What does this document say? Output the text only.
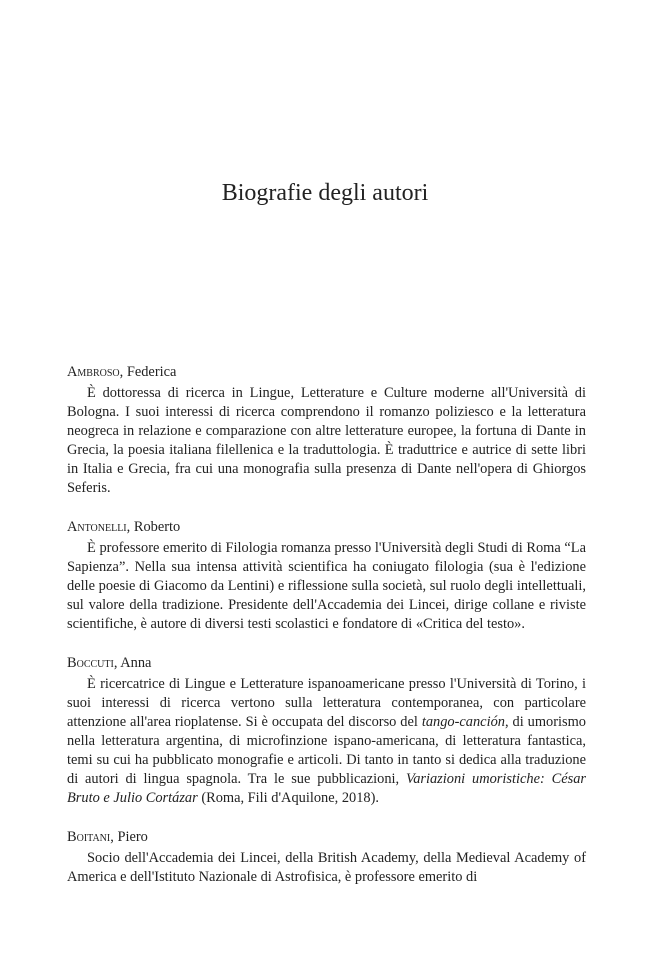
Biografie degli autori
Ambroso, Federica

È dottoressa di ricerca in Lingue, Letterature e Culture moderne all'Università di Bologna. I suoi interessi di ricerca comprendono il romanzo poliziesco e la letteratura neogreca in relazione e comparazione con altre letterature europee, la fortuna di Dante in Grecia, la poesia italiana filellenica e la traduttologia. È traduttrice e autrice di sette libri in Italia e Grecia, fra cui una monografia sulla presenza di Dante nell'opera di Ghiorgos Seferis.

Antonelli, Roberto

È professore emerito di Filologia romanza presso l'Università degli Studi di Roma “La Sapienza”. Nella sua intensa attività scientifica ha coniugato filologia (sua è l'edizione delle poesie di Giacomo da Lentini) e riflessione sulla società, sul ruolo degli intellettuali, sul valore della tradizione. Presidente dell'Accademia dei Lincei, dirige collane e riviste scientifiche, è autore di diversi testi scolastici e fondatore di «Critica del testo».

Boccuti, Anna

È ricercatrice di Lingue e Letterature ispanoamericane presso l'Università di Torino, i suoi interessi di ricerca vertono sulla letteratura contemporanea, con particolare attenzione all'area rioplatense. Si è occupata del discorso del tango-canción, di umorismo nella letteratura argentina, di microfinzione ispano-americana, di letteratura fantastica, temi su cui ha pubblicato monografie e articoli. Di tanto in tanto si dedica alla traduzione di autori di lingua spagnola. Tra le sue pubblicazioni, Variazioni umoristiche: César Bruto e Julio Cortázar (Roma, Fili d'Aquilone, 2018).

Boitani, Piero

Socio dell'Accademia dei Lincei, della British Academy, della Medieval Academy of America e dell'Istituto Nazionale di Astrofisica, è professore emerito di
